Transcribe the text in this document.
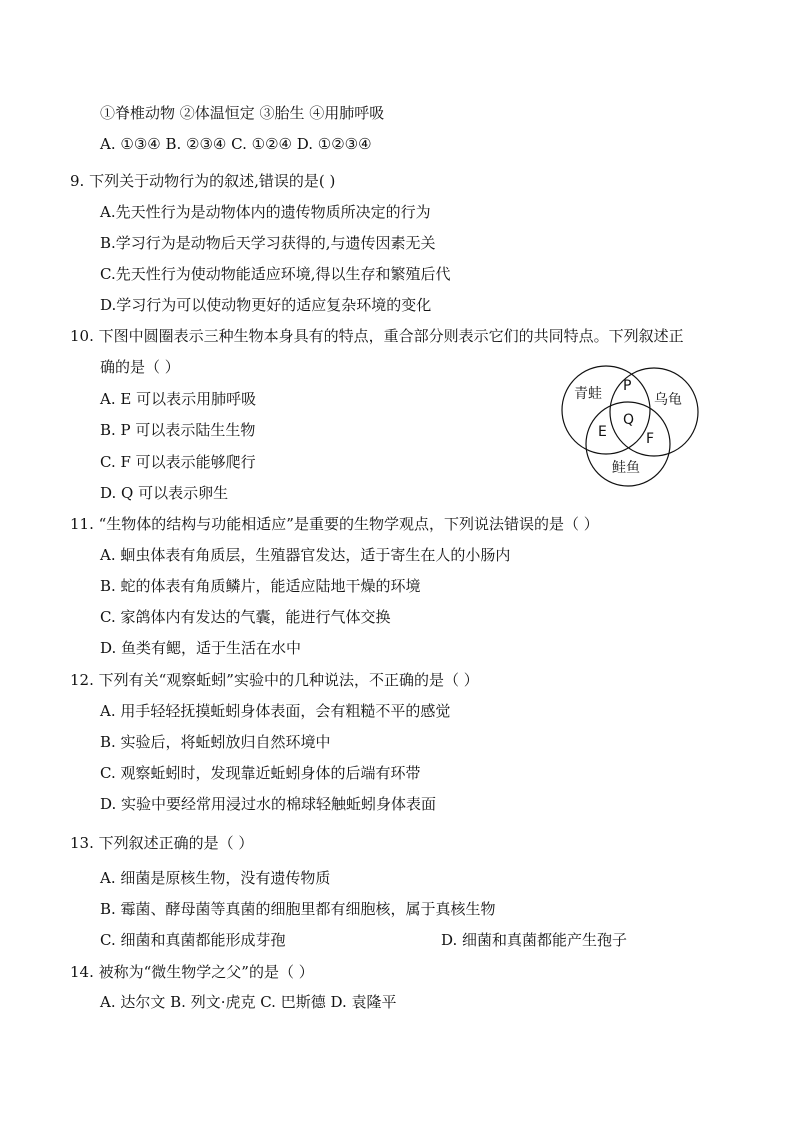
①脊椎动物 ②体温恒定 ③胎生 ④用肺呼吸
A. ①③④ B. ②③④ C. ①②④ D. ①②③④
9. 下列关于动物行为的叙述,错误的是( )
A.先天性行为是动物体内的遗传物质所决定的行为
B.学习行为是动物后天学习获得的,与遗传因素无关
C.先天性行为使动物能适应环境,得以生存和繁殖后代
D.学习行为可以使动物更好的适应复杂环境的变化
10. 下图中圆圈表示三种生物本身具有的特点，重合部分则表示它们的共同特点。下列叙述正
确的是（ ）
A. E 可以表示用肺呼吸
B. P 可以表示陆生生物
C. F 可以表示能够爬行
D. Q 可以表示卵生
青蛙	乌龟
鲑鱼
P
Q
E	F
11. “生物体的结构与功能相适应”是重要的生物学观点，下列说法错误的是（ ）
A. 蛔虫体表有角质层，生殖器官发达，适于寄生在人的小肠内
B. 蛇的体表有角质鳞片，能适应陆地干燥的环境
C. 家鸽体内有发达的气囊，能进行气体交换
D. 鱼类有鳃，适于生活在水中
12. 下列有关“观察蚯蚓”实验中的几种说法，不正确的是（ ）
A. 用手轻轻抚摸蚯蚓身体表面，会有粗糙不平的感觉
B. 实验后，将蚯蚓放归自然环境中
C. 观察蚯蚓时，发现靠近蚯蚓身体的后端有环带
D. 实验中要经常用浸过水的棉球轻触蚯蚓身体表面
13. 下列叙述正确的是（ ）
A. 细菌是原核生物，没有遗传物质
B. 霉菌、酵母菌等真菌的细胞里都有细胞核，属于真核生物
C. 细菌和真菌都能形成芽孢	D. 细菌和真菌都能产生孢子
14. 被称为“微生物学之父”的是（ ）
A. 达尔文 B. 列文·虎克 C. 巴斯德 D. 袁隆平
